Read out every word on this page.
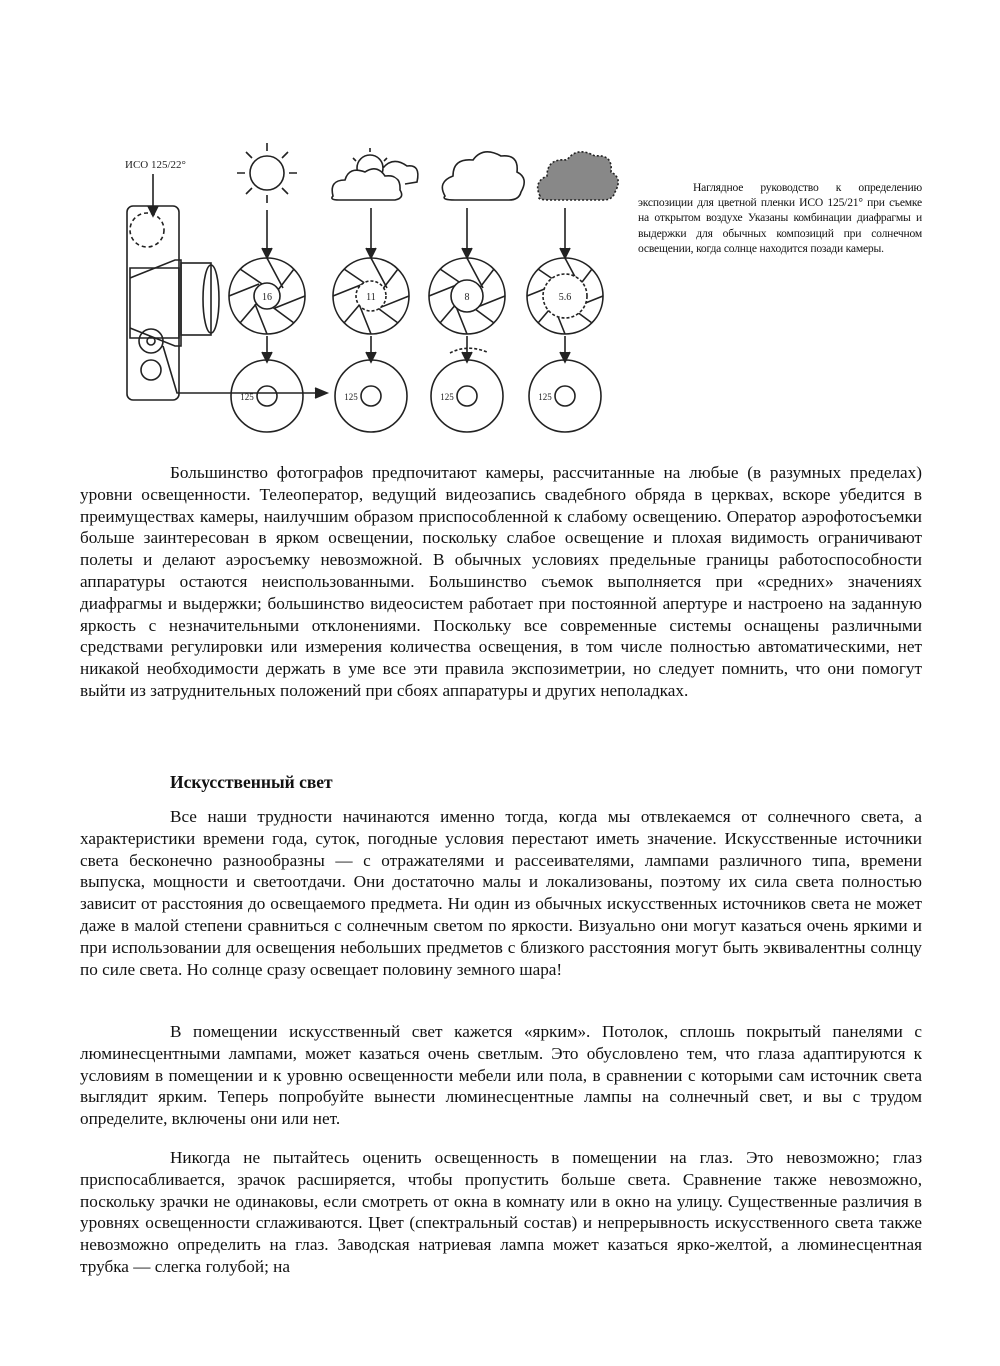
ИСО 125/22°
16	11	8	5.6
125	125	125	125

Наглядное руководство к определению экспозиции для цветной пленки ИСО 125/21° при съемке на открытом воздухе Указаны комбинации диафрагмы и выдержки для обычных композиций при солнечном освещении, когда солнце находится позади камеры.

Большинство фотографов предпочитают камеры, рассчитанные на любые (в разумных пределах) уровни освещенности. Телеоператор, ведущий видеозапись свадебного обряда в церквах, вскоре убедится в преимуществах камеры, наилучшим образом приспособленной к слабому освещению. Оператор аэрофотосъемки больше заинтересован в ярком освещении, поскольку слабое освещение и плохая видимость ограничивают полеты и делают аэросъемку невозможной. В обычных условиях предельные границы работоспособности аппаратуры остаются неиспользованными. Большинство съемок выполняется при «средних» значениях диафрагмы и выдержки; большинство видеосистем работает при постоянной апертуре и настроено на заданную яркость с незначительными отклонениями. Поскольку все современные системы оснащены различными средствами регулировки или измерения количества освещения, в том числе полностью автоматическими, нет никакой необходимости держать в уме все эти правила экспозиметрии, но следует помнить, что они помогут выйти из затруднительных положений при сбоях аппаратуры и других неполадках.

Искусственный свет

Все наши трудности начинаются именно тогда, когда мы отвлекаемся от солнечного света, а характеристики времени года, суток, погодные условия перестают иметь значение. Искусственные источники света бесконечно разнообразны — с отражателями и рассеивателями, лампами различного типа, времени выпуска, мощности и светоотдачи. Они достаточно малы и локализованы, поэтому их сила света полностью зависит от расстояния до освещаемого предмета. Ни один из обычных искусственных источников света не может даже в малой степени сравниться с солнечным светом по яркости. Визуально они могут казаться очень яркими и при использовании для освещения небольших предметов с близкого расстояния могут быть эквивалентны солнцу по силе света. Но солнце сразу освещает половину земного шара!

В помещении искусственный свет кажется «ярким». Потолок, сплошь покрытый панелями с люминесцентными лампами, может казаться очень светлым. Это обусловлено тем, что глаза адаптируются к условиям в помещении и к уровню освещенности мебели или пола, в сравнении с которыми сам источник света выглядит ярким. Теперь попробуйте вынести люминесцентные лампы на солнечный свет, и вы с трудом определите, включены они или нет.

Никогда не пытайтесь оценить освещенность в помещении на глаз. Это невозможно; глаз приспосабливается, зрачок расширяется, чтобы пропустить больше света. Сравнение также невозможно, поскольку зрачки не одинаковы, если смотреть от окна в комнату или в окно на улицу. Существенные различия в уровнях освещенности сглаживаются. Цвет (спектральный состав) и непрерывность искусственного света также невозможно определить на глаз. Заводская натриевая лампа может казаться ярко-желтой, а люминесцентная трубка — слегка голубой; на
